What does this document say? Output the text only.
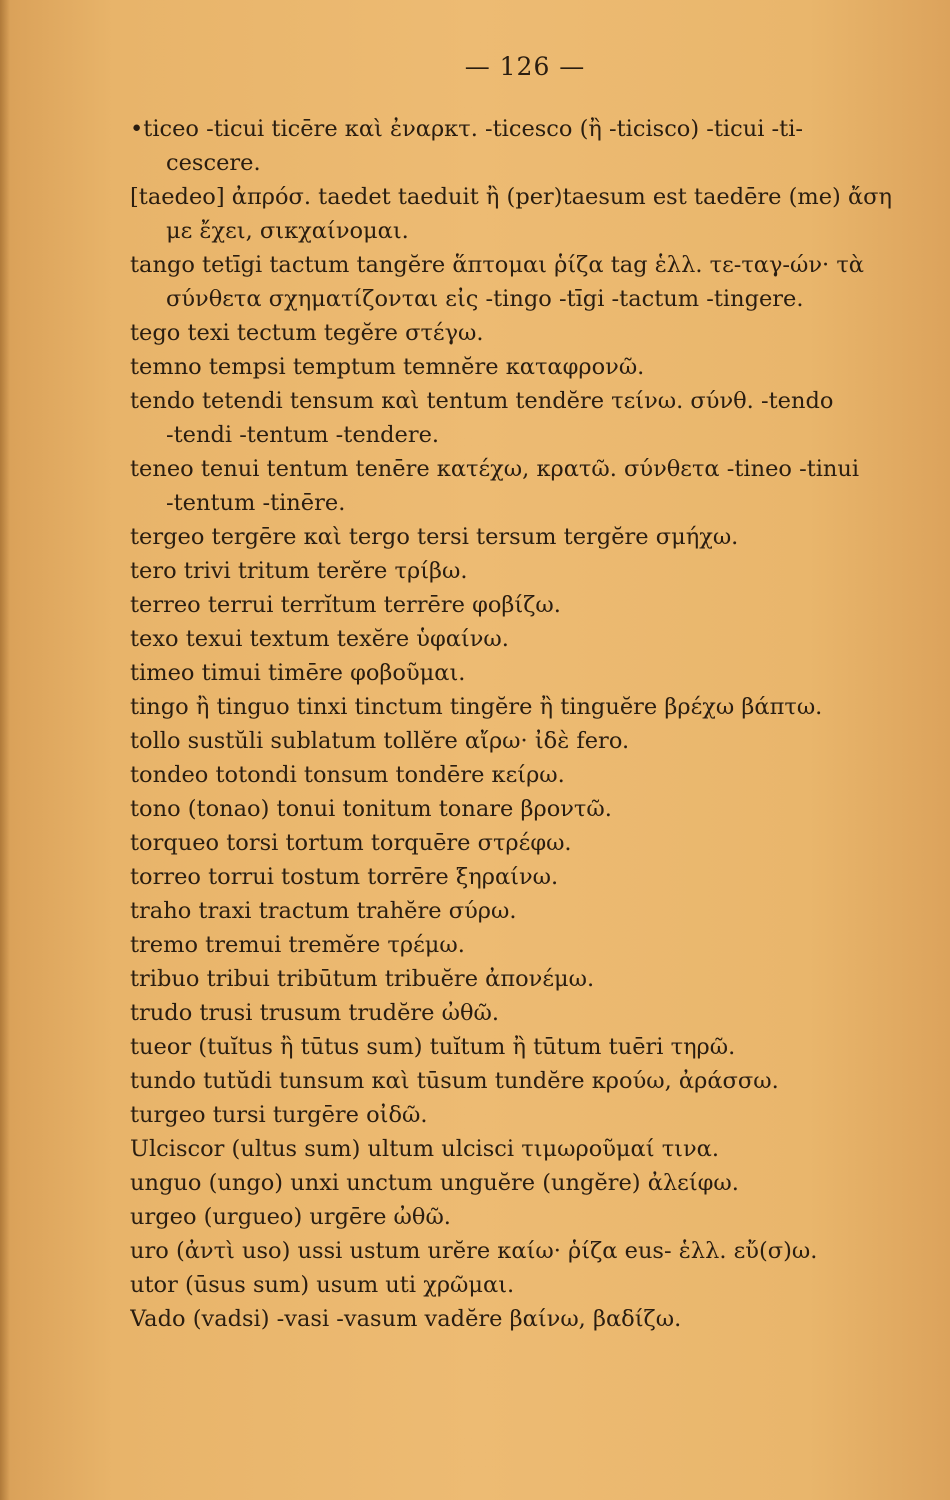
— 126 —
•ticeo -ticui ticēre καὶ ἐναρκτ. -ticesco (ἢ -ticisco) -ticui -ti-
cescere.
[taedeo] ἀπρόσ. taedet taeduit ἢ (per)taesum est taedēre (me) ἄση
με ἔχει, σικχαίνομαι.
tango tetīgi tactum tangĕre ἅπτομαι ῥίζα tag ἑλλ. τε-ταγ-ών· τὰ
σύνθετα σχηματίζονται εἰς -tingo -tīgi -tactum -tingere.
tego texi tectum tegĕre στέγω.
temno tempsi temptum temnĕre καταφρονῶ.
tendo tetendi tensum καὶ tentum tendĕre τείνω. σύνθ. -tendo
-tendi -tentum -tendere.
teneo tenui tentum tenēre κατέχω, κρατῶ. σύνθετα -tineo -tinui
-tentum -tinēre.
tergeo tergēre καὶ tergo tersi tersum tergĕre σμήχω.
tero trivi tritum terĕre τρίβω.
terreo terrui terrĭtum terrēre φοβίζω.
texo texui textum texĕre ὑφαίνω.
timeo timui timēre φοβοῦμαι.
tingo ἢ tinguo tinxi tinctum tingĕre ἢ tinguĕre βρέχω βάπτω.
tollo sustŭli sublatum tollĕre αἴρω· ἰδὲ fero.
tondeo totondi tonsum tondēre κείρω.
tono (tonao) tonui tonitum tonare βροντῶ.
torqueo torsi tortum torquēre στρέφω.
torreo torrui tostum torrēre ξηραίνω.
traho traxi tractum trahĕre σύρω.
tremo tremui tremĕre τρέμω.
tribuo tribui tribūtum tribuĕre ἀπονέμω.
trudo trusi trusum trudĕre ὠθῶ.
tueor (tuĭtus ἢ tūtus sum) tuĭtum ἢ tūtum tuēri τηρῶ.
tundo tutŭdi tunsum καὶ tūsum tundĕre κρούω, ἀράσσω.
turgeo tursi turgēre οἰδῶ.
Ulciscor (ultus sum) ultum ulcisci τιμωροῦμαί τινα.
unguo (ungo) unxi unctum unguĕre (ungĕre) ἀλείφω.
urgeo (urgueo) urgēre ὠθῶ.
uro (ἀντὶ uso) ussi ustum urĕre καίω· ῥίζα eus- ἑλλ. εὔ(σ)ω.
utor (ūsus sum) usum uti χρῶμαι.
Vado (vadsi) -vasi -vasum vadĕre βαίνω, βαδίζω.
